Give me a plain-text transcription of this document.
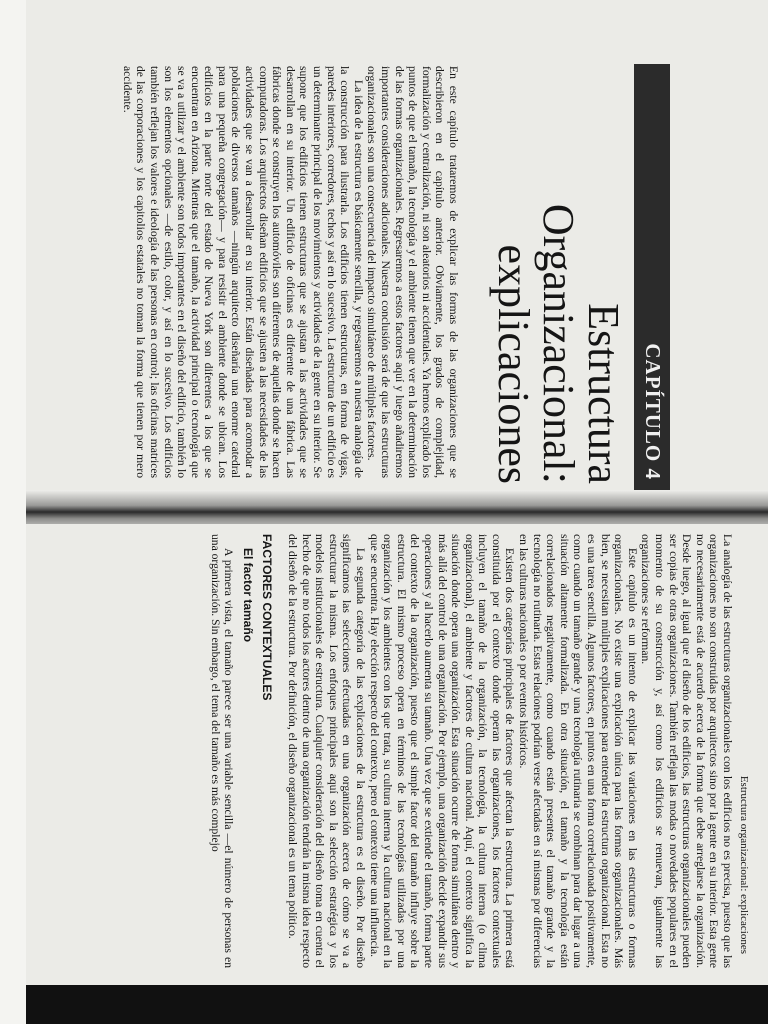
CAPÍTULO 4
Estructura
Organizacional:
explicaciones

En este capítulo trataremos de explicar las formas de las organizaciones que se describieron en el capítulo anterior. Obviamente, los grados de complejidad, formalización y centralización, ni son aleatorios ni accidentales. Ya hemos explicado los puntos de que el tamaño, la tecnología y el ambiente tienen que ver en la determinación de las formas organizacionales. Regresaremos a estos factores aquí y luego añadiremos importantes consideraciones adicionales. Nuestra conclusión será de que las estructuras organizacionales son una consecuencia del impacto simultáneo de múltiples factores.

La idea de la estructura es básicamente sencilla, y regresaremos a nuestra analogía de la construcción para ilustrarla. Los edificios tienen estructuras, en forma de vigas, paredes interiores, corredores, techos y así en lo sucesivo. La estructura de un edificio es un determinante principal de los movimientos y actividades de la gente en su interior. Se supone que los edificios tienen estructuras que se ajustan a las actividades que se desarrollan en su interior. Un edificio de oficinas es diferente de una fábrica. Las fábricas donde se construyen los automóviles son diferentes de aquellas donde se hacen computadoras. Los arquitectos diseñan edificios que se ajusten a las necesidades de las actividades que se van a desarrollar en su interior. Están diseñadas para acomodar a poblaciones de diversos tamaños —ningún arquitecto diseñaría una enorme catedral para una pequeña congregación— y para resistir el ambiente donde se ubican. Los edificios en la parte norte del estado de Nueva York son diferentes a los que se encuentran en Arizona. Mientras que el tamaño, la actividad principal o tecnología que se va a utilizar y el ambiente son todos importantes en el diseño del edificio, también lo son los elementos opcionales —de estilo, color, y así en lo sucesivo. Los edificios también reflejan los valores e ideología de las personas en control; las oficinas matrices de las corporaciones y los capitolios estatales no toman la forma que tienen por mero accidente.

Estructura organizacional: explicaciones

La analogía de las estructuras organizacionales con los edificios no es precisa, puesto que las organizaciones no son construidas por arquitectos sino por la gente en su interior. Esta gente no necesariamente está de acuerdo acerca de la forma que debe arreglarse la organización. Desde luego, al igual que el diseño de los edificios, las estructuras organizacionales pueden ser copias de otras organizaciones. También reflejan las modas o novedades populares en el momento de su construcción y, así como los edificios se renuevan, igualmente las organizaciones se reforman.

Este capítulo es un intento de explicar las variaciones en las estructuras o formas organizacionales. No existe una explicación única para las formas organizacionales. Más bien, se necesitan múltiples explicaciones para entender la estructura organizacional. Esta no es una tarea sencilla. Algunos factores, en puntos en una forma correlacionada positivamente, como cuando un tamaño grande y una tecnología rutinaria se combinan para dar lugar a una situación altamente formalizada. En otra situación, el tamaño y la tecnología están correlacionados negativamente, como cuando están presentes el tamaño grande y la tecnología no rutinaria. Estas relaciones podrían verse afectadas en sí mismas por diferencias en las culturas nacionales o por eventos históricos.

Existen dos categorías principales de factores que afectan la estructura. La primera está constituida por el contexto donde operan las organizaciones, los factores contextuales incluyen el tamaño de la organización, la tecnología, la cultura interna (o clima organizacional), el ambiente y factores de cultura nacional. Aquí, el contexto significa la situación donde opera una organización. Esta situación ocurre de forma simultánea dentro y más allá del control de una organización. Por ejemplo, una organización decide expandir sus operaciones y al hacerlo aumenta su tamaño. Una vez que se extiende el tamaño, forma parte del contexto de la organización, puesto que el simple factor del tamaño influye sobre la estructura. El mismo proceso opera en términos de las tecnologías utilizadas por una organización y los ambientes con los que trata, su cultura interna y la cultura nacional en la que se encuentra. Hay elección respecto del contexto, pero el contexto tiene una influencia.

La segunda categoría de las explicaciones de la estructura es el diseño. Por diseño significamos las selecciones efectuadas en una organización acerca de cómo se va a estructurar la misma. Los enfoques principales aquí son la selección estratégica y los modelos institucionales de estructura. Cualquier consideración del diseño toma en cuenta el hecho de que no todos los actores dentro de una organización tendrán la misma idea respecto del diseño de la estructura. Por definición, el diseño organizacional es un tema político.

FACTORES CONTEXTUALES
El factor tamaño

A primera vista, el tamaño parece ser una variable sencilla —el número de personas en una organización. Sin embargo, el tema del tamaño es más complejo
